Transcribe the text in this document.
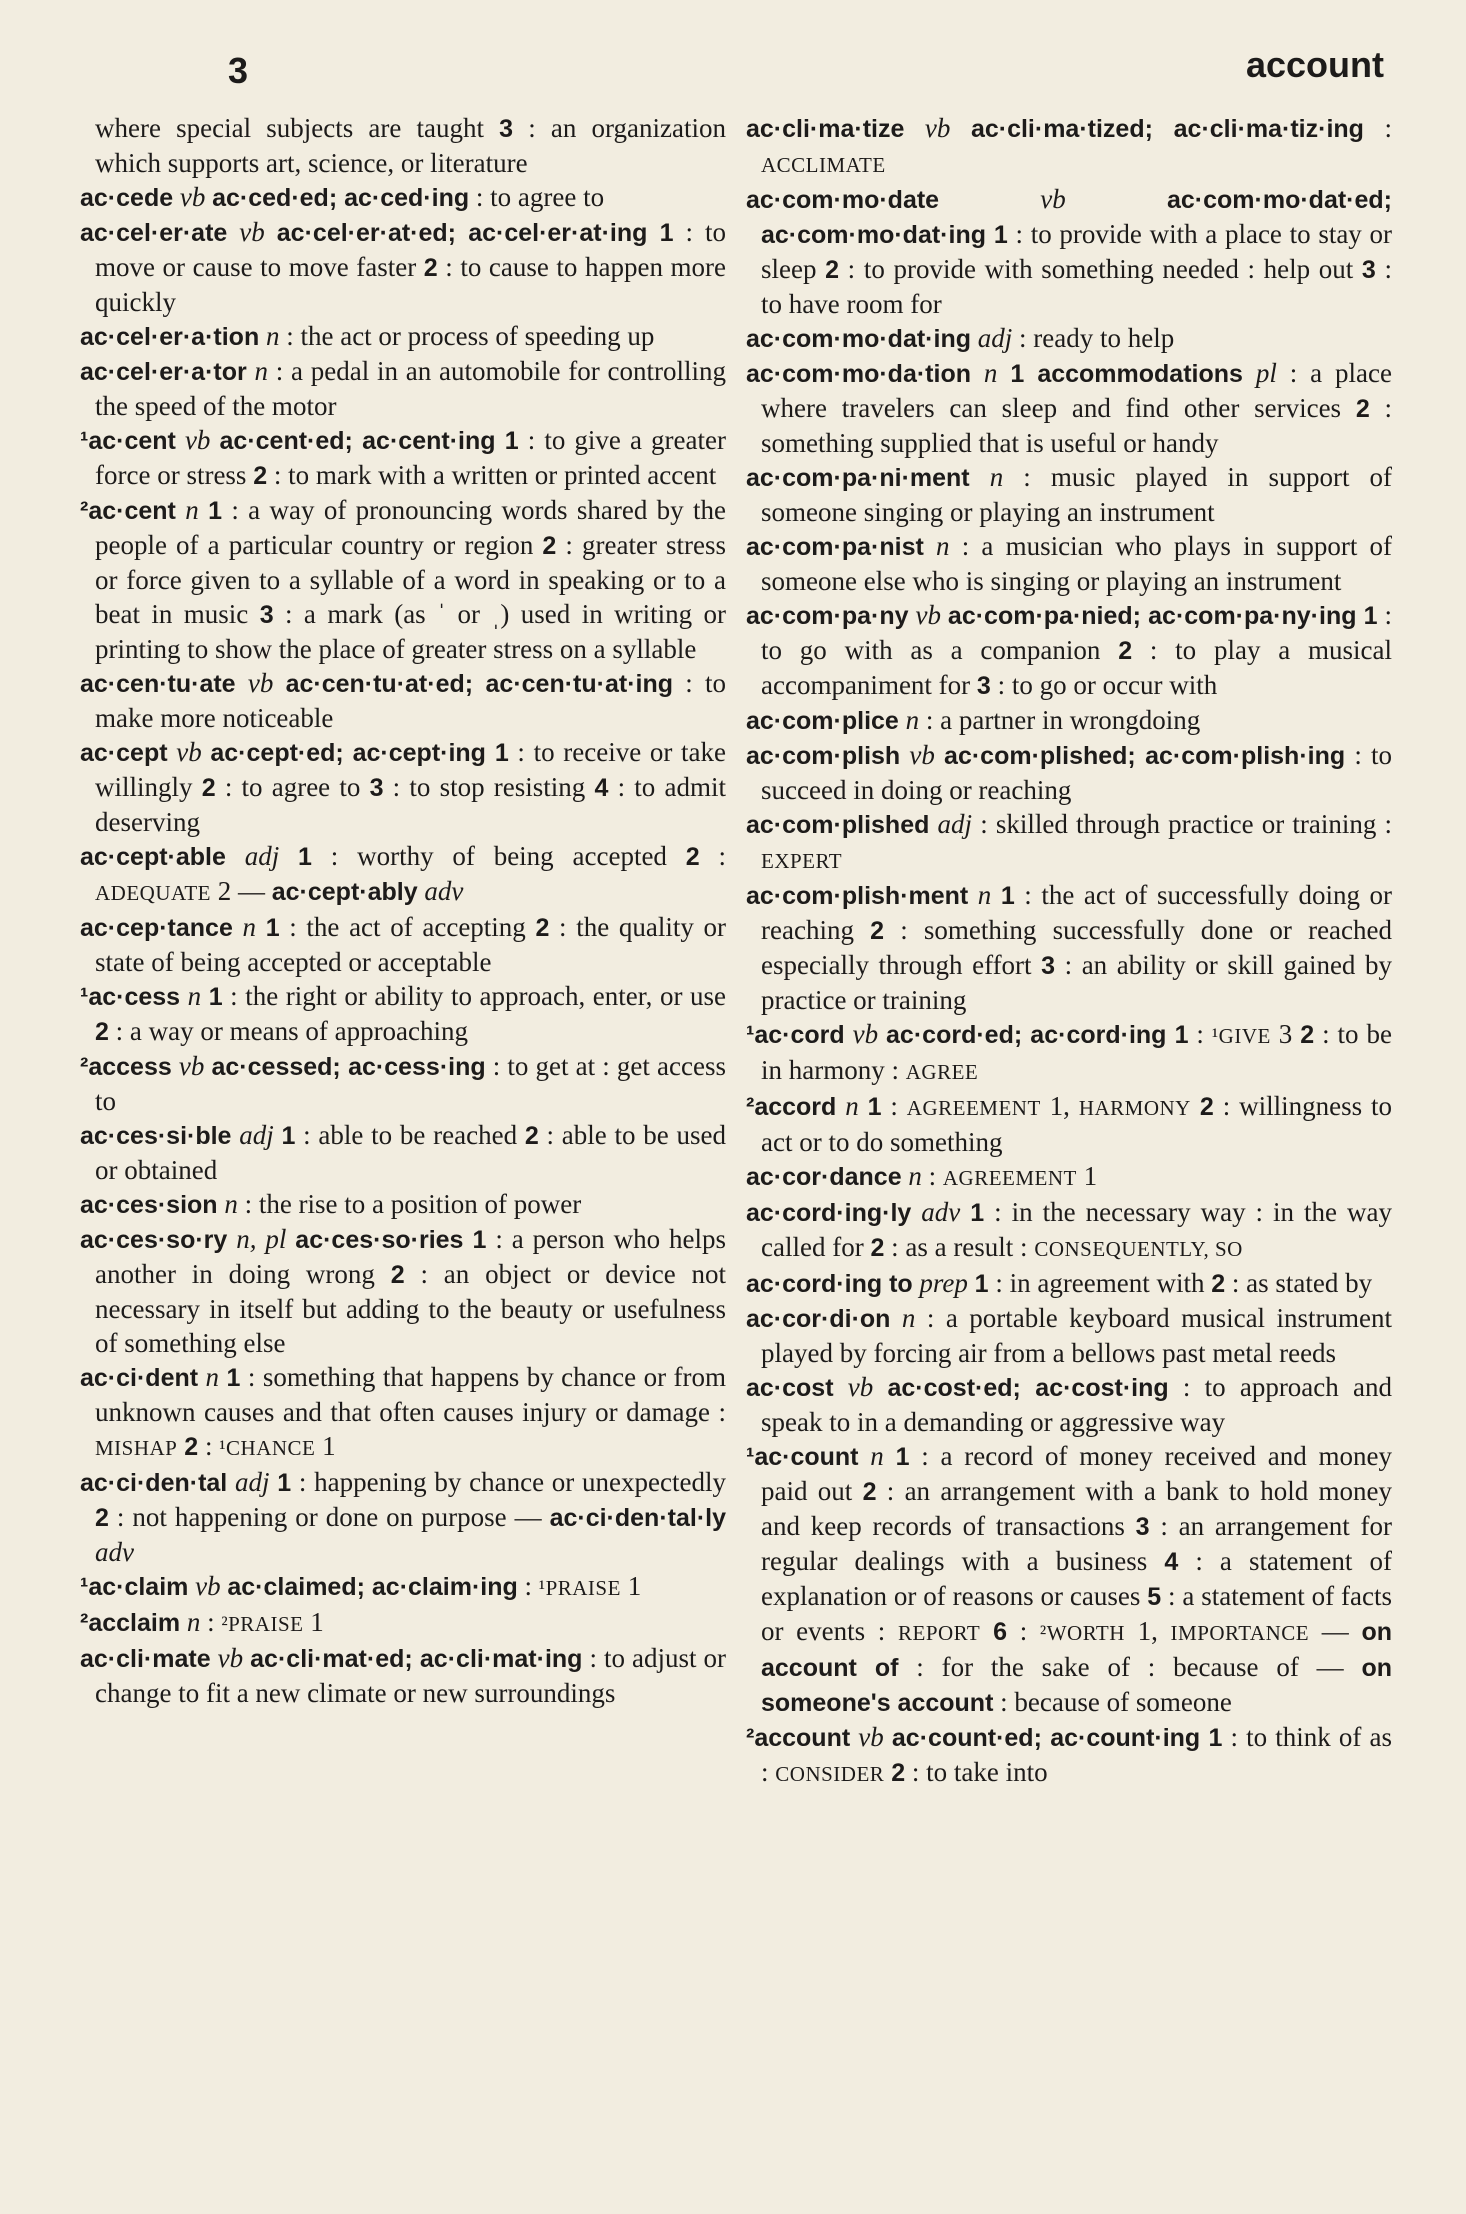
3	account
where special subjects are taught 3 : an organization which supports art, science, or literature
ac·cede vb ac·ced·ed; ac·ced·ing : to agree to
ac·cel·er·ate vb ac·cel·er·at·ed; ac·cel·er·at·ing 1 : to move or cause to move faster 2 : to cause to happen more quickly
ac·cel·er·a·tion n : the act or process of speeding up
ac·cel·er·a·tor n : a pedal in an automobile for controlling the speed of the motor
¹ac·cent vb ac·cent·ed; ac·cent·ing 1 : to give a greater force or stress 2 : to mark with a written or printed accent
²ac·cent n 1 : a way of pronouncing words shared by the people of a particular country or region 2 : greater stress or force given to a syllable of a word in speaking or to a beat in music 3 : a mark (as ˈ or ˌ) used in writing or printing to show the place of greater stress on a syllable
ac·cen·tu·ate vb ac·cen·tu·at·ed; ac·cen·tu·at·ing : to make more noticeable
ac·cept vb ac·cept·ed; ac·cept·ing 1 : to receive or take willingly 2 : to agree to 3 : to stop resisting 4 : to admit deserving
ac·cept·able adj 1 : worthy of being accepted 2 : ADEQUATE 2 — ac·cept·ably adv
ac·cep·tance n 1 : the act of accepting 2 : the quality or state of being accepted or acceptable
¹ac·cess n 1 : the right or ability to approach, enter, or use 2 : a way or means of approaching
²access vb ac·cessed; ac·cess·ing : to get at : get access to
ac·ces·si·ble adj 1 : able to be reached 2 : able to be used or obtained
ac·ces·sion n : the rise to a position of power
ac·ces·so·ry n, pl ac·ces·so·ries 1 : a person who helps another in doing wrong 2 : an object or device not necessary in itself but adding to the beauty or usefulness of something else
ac·ci·dent n 1 : something that happens by chance or from unknown causes and that often causes injury or damage : MISHAP 2 : ¹CHANCE 1
ac·ci·den·tal adj 1 : happening by chance or unexpectedly 2 : not happening or done on purpose — ac·ci·den·tal·ly adv
¹ac·claim vb ac·claimed; ac·claim·ing : ¹PRAISE 1
²acclaim n : ²PRAISE 1
ac·cli·mate vb ac·cli·mat·ed; ac·cli·mat·ing : to adjust or change to fit a new climate or new surroundings
ac·cli·ma·tize vb ac·cli·ma·tized; ac·cli·ma·tiz·ing : ACCLIMATE
ac·com·mo·date vb ac·com·mo·dat·ed; ac·com·mo·dat·ing 1 : to provide with a place to stay or sleep 2 : to provide with something needed : help out 3 : to have room for
ac·com·mo·dat·ing adj : ready to help
ac·com·mo·da·tion n 1 accommodations pl : a place where travelers can sleep and find other services 2 : something supplied that is useful or handy
ac·com·pa·ni·ment n : music played in support of someone singing or playing an instrument
ac·com·pa·nist n : a musician who plays in support of someone else who is singing or playing an instrument
ac·com·pa·ny vb ac·com·pa·nied; ac·com·pa·ny·ing 1 : to go with as a companion 2 : to play a musical accompaniment for 3 : to go or occur with
ac·com·plice n : a partner in wrongdoing
ac·com·plish vb ac·com·plished; ac·com·plish·ing : to succeed in doing or reaching
ac·com·plished adj : skilled through practice or training : EXPERT
ac·com·plish·ment n 1 : the act of successfully doing or reaching 2 : something successfully done or reached especially through effort 3 : an ability or skill gained by practice or training
¹ac·cord vb ac·cord·ed; ac·cord·ing 1 : ¹GIVE 3 2 : to be in harmony : AGREE
²accord n 1 : AGREEMENT 1, HARMONY 2 : willingness to act or to do something
ac·cor·dance n : AGREEMENT 1
ac·cord·ing·ly adv 1 : in the necessary way : in the way called for 2 : as a result : CONSEQUENTLY, SO
ac·cord·ing to prep 1 : in agreement with 2 : as stated by
ac·cor·di·on n : a portable keyboard musical instrument played by forcing air from a bellows past metal reeds
ac·cost vb ac·cost·ed; ac·cost·ing : to approach and speak to in a demanding or aggressive way
¹ac·count n 1 : a record of money received and money paid out 2 : an arrangement with a bank to hold money and keep records of transactions 3 : an arrangement for regular dealings with a business 4 : a statement of explanation or of reasons or causes 5 : a statement of facts or events : REPORT 6 : ²WORTH 1, IMPORTANCE — on account of : for the sake of : because of — on someone's account : because of someone
²account vb ac·count·ed; ac·count·ing 1 : to think of as : CONSIDER 2 : to take into
